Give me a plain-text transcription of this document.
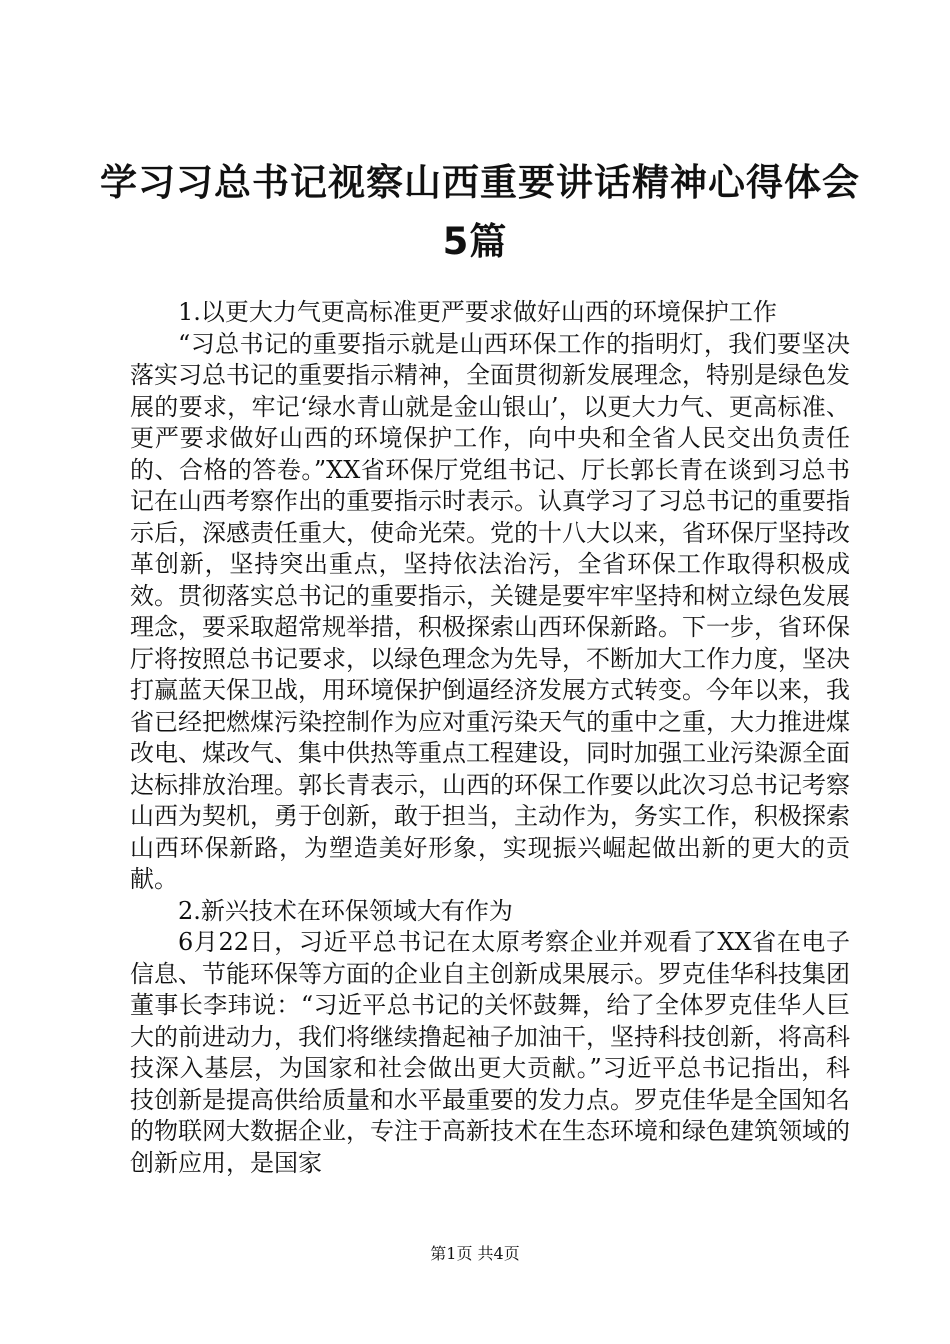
学习习总书记视察山西重要讲话精神心得体会
5篇

1.以更大力气更高标准更严要求做好山西的环境保护工作

“习总书记的重要指示就是山西环保工作的指明灯，我们要坚决落实习总书记的重要指示精神，全面贯彻新发展理念，特别是绿色发展的要求，牢记‘绿水青山就是金山银山’，以更大力气、更高标准、更严要求做好山西的环境保护工作，向中央和全省人民交出负责任的、合格的答卷。”XX省环保厅党组书记、厅长郭长青在谈到习总书记在山西考察作出的重要指示时表示。认真学习了习总书记的重要指示后，深感责任重大，使命光荣。党的十八大以来，省环保厅坚持改革创新，坚持突出重点，坚持依法治污，全省环保工作取得积极成效。贯彻落实总书记的重要指示，关键是要牢牢坚持和树立绿色发展理念，要采取超常规举措，积极探索山西环保新路。下一步，省环保厅将按照总书记要求，以绿色理念为先导，不断加大工作力度，坚决打赢蓝天保卫战，用环境保护倒逼经济发展方式转变。今年以来，我省已经把燃煤污染控制作为应对重污染天气的重中之重，大力推进煤改电、煤改气、集中供热等重点工程建设，同时加强工业污染源全面达标排放治理。郭长青表示，山西的环保工作要以此次习总书记考察山西为契机，勇于创新，敢于担当，主动作为，务实工作，积极探索山西环保新路，为塑造美好形象，实现振兴崛起做出新的更大的贡献。

2.新兴技术在环保领域大有作为

6月22日，习近平总书记在太原考察企业并观看了XX省在电子信息、节能环保等方面的企业自主创新成果展示。罗克佳华科技集团董事长李玮说：“习近平总书记的关怀鼓舞，给了全体罗克佳华人巨大的前进动力，我们将继续撸起袖子加油干，坚持科技创新，将高科技深入基层，为国家和社会做出更大贡献。”习近平总书记指出，科技创新是提高供给质量和水平最重要的发力点。罗克佳华是全国知名的物联网大数据企业，专注于高新技术在生态环境和绿色建筑领域的创新应用，是国家

第1页 共4页
